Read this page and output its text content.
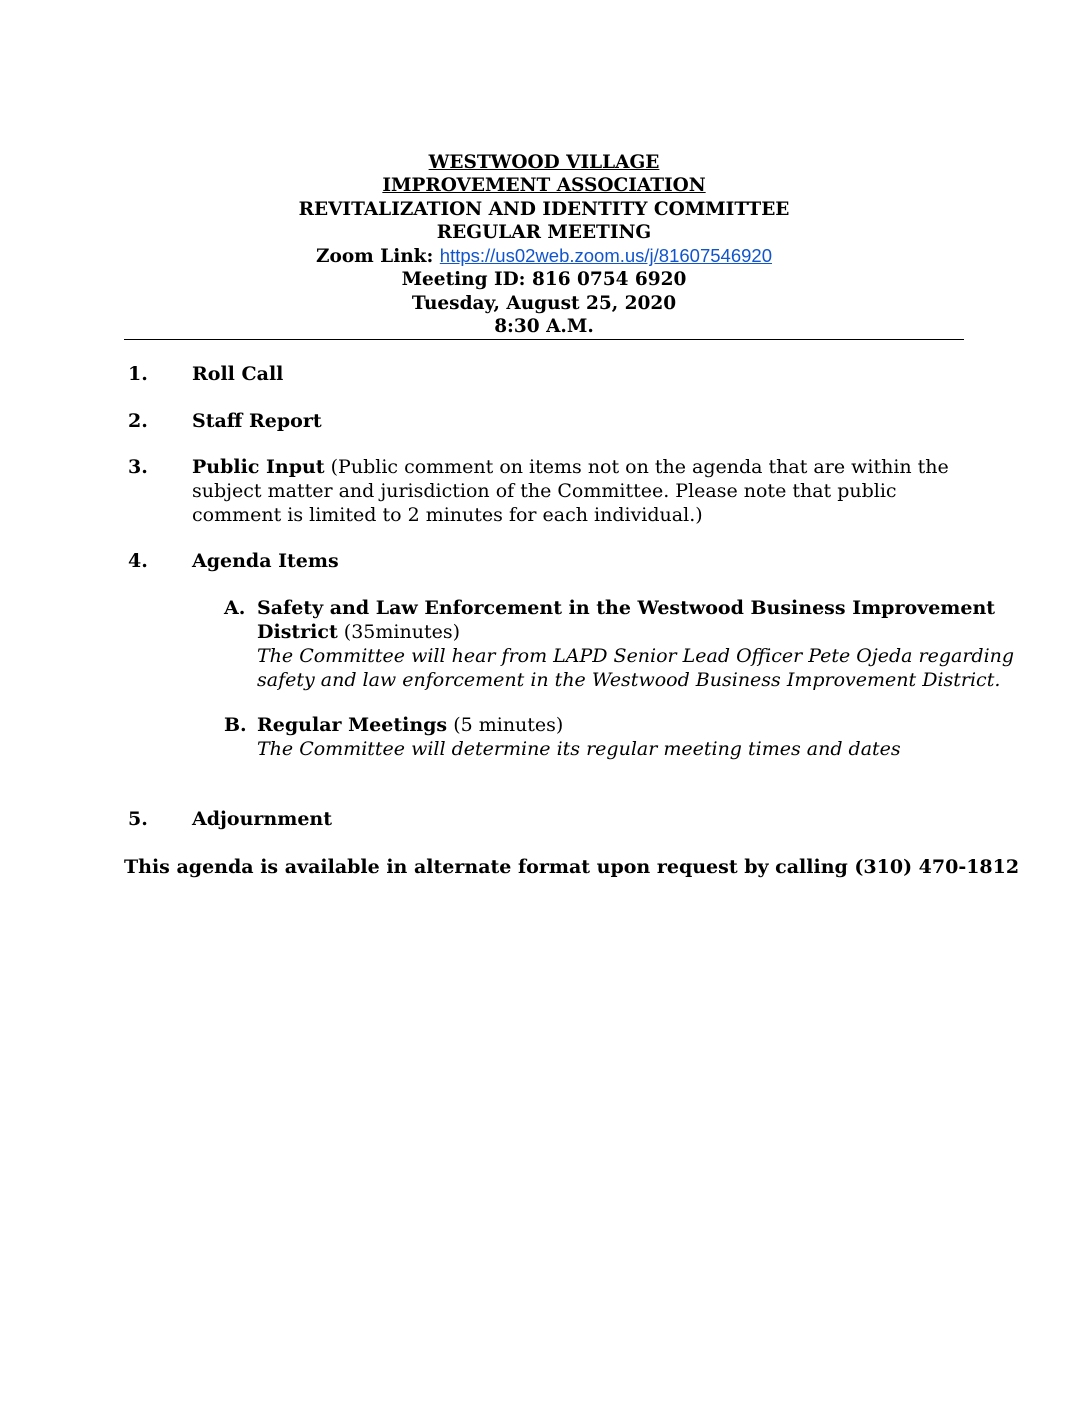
WESTWOOD VILLAGE
IMPROVEMENT ASSOCIATION
REVITALIZATION AND IDENTITY COMMITTEE
REGULAR MEETING
Zoom Link: https://us02web.zoom.us/j/81607546920
Meeting ID: 816 0754 6920
Tuesday, August 25, 2020
8:30 A.M.
1.	Roll Call
2.	Staff Report
3.	Public Input (Public comment on items not on the agenda that are within the
subject matter and jurisdiction of the Committee. Please note that public
comment is limited to 2 minutes for each individual.)
4.	Agenda Items
A. Safety and Law Enforcement in the Westwood Business Improvement
District (35minutes)
The Committee will hear from LAPD Senior Lead Officer Pete Ojeda regarding
safety and law enforcement in the Westwood Business Improvement District.
B. Regular Meetings (5 minutes)
The Committee will determine its regular meeting times and dates
5.	Adjournment
This agenda is available in alternate format upon request by calling (310) 470-1812
